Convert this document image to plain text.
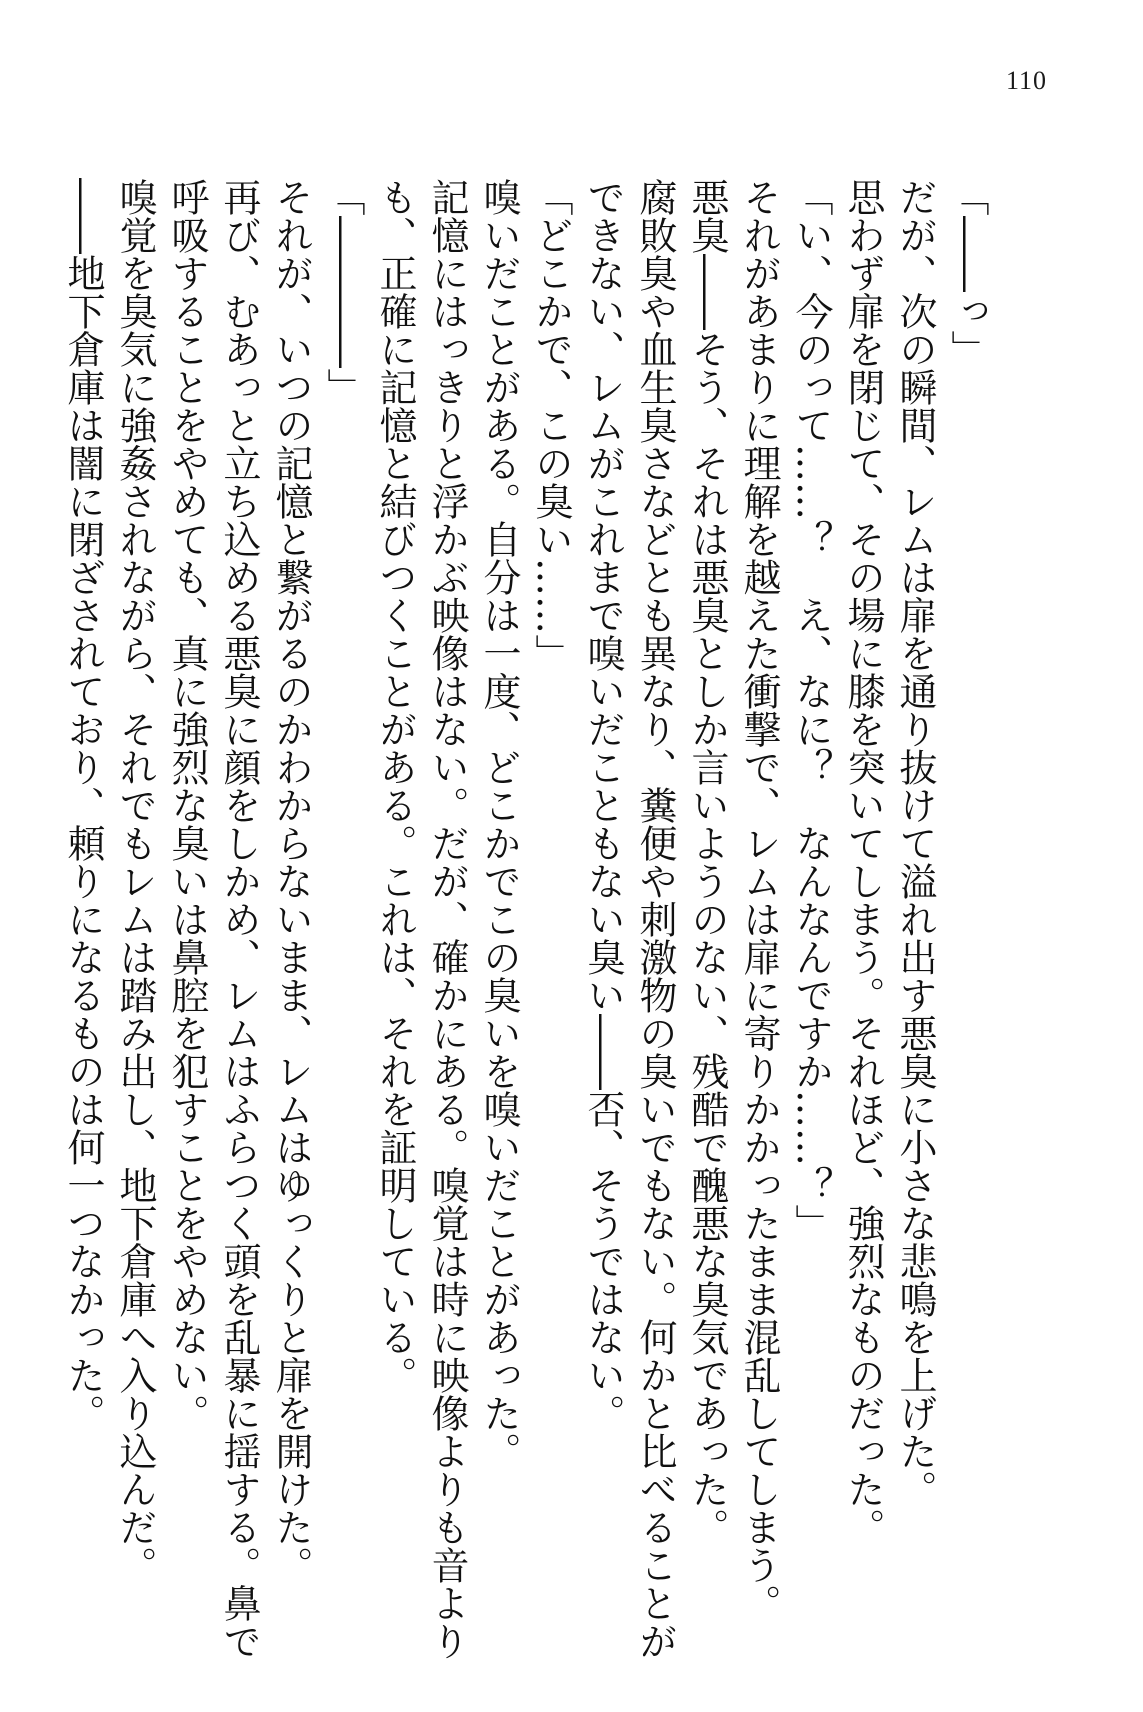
110
「――っ」
だが、次の瞬間、レムは扉を通り抜けて溢れ出す悪臭に小さな悲鳴を上げた。
思わず扉を閉じて、その場に膝を突いてしまう。それほど、強烈なものだった。
「い、今のって……？　え、なに？　なんなんですか……？」
それがあまりに理解を越えた衝撃で、レムは扉に寄りかかったまま混乱してしまう。
悪臭――そう、それは悪臭としか言いようのない、残酷で醜悪な臭気であった。
腐敗臭や血生臭さなどとも異なり、糞便や刺激物の臭いでもない。何かと比べることが
できない、レムがこれまで嗅いだこともない臭い――否、そうではない。
「どこかで、この臭い……」
嗅いだことがある。自分は一度、どこかでこの臭いを嗅いだことがあった。
記憶にはっきりと浮かぶ映像はない。だが、確かにある。嗅覚は時に映像よりも音より
も、正確に記憶と結びつくことがある。これは、それを証明している。
「――――」
それが、いつの記憶と繋がるのかわからないまま、レムはゆっくりと扉を開けた。
再び、むあっと立ち込める悪臭に顔をしかめ、レムはふらつく頭を乱暴に揺する。鼻で
呼吸することをやめても、真に強烈な臭いは鼻腔を犯すことをやめない。
嗅覚を臭気に強姦されながら、それでもレムは踏み出し、地下倉庫へ入り込んだ。
――地下倉庫は闇に閉ざされており、頼りになるものは何一つなかった。
